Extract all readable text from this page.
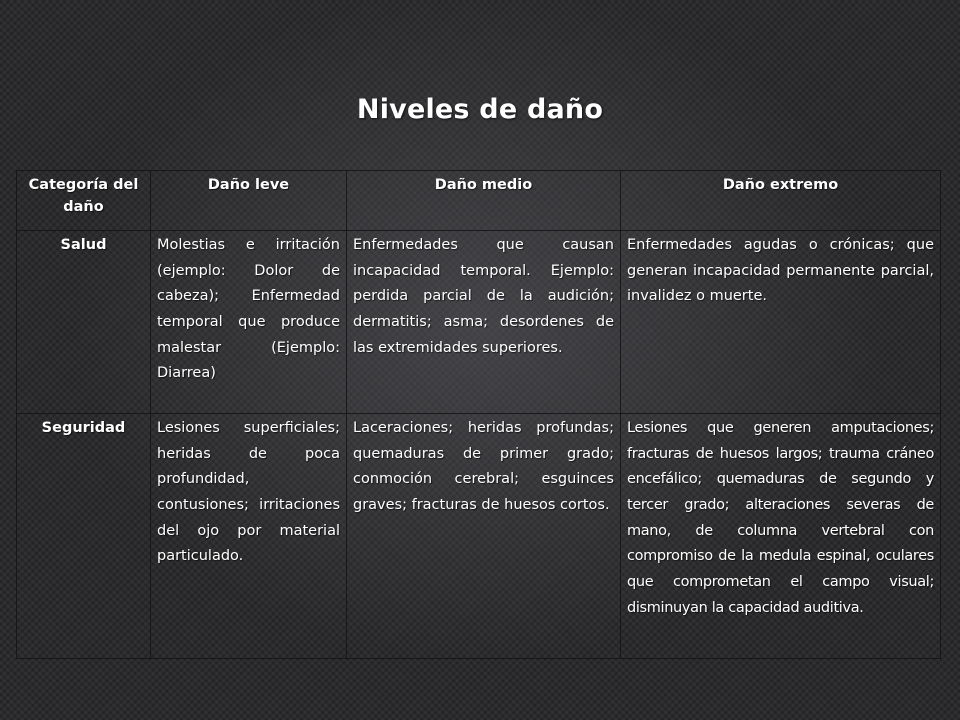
Niveles de daño
Categoría del daño	Daño leve	Daño medio	Daño extremo
Salud	Molestias e irritación (ejemplo: Dolor de cabeza); Enfermedad temporal que produce malestar (Ejemplo: Diarrea)	Enfermedades que causan incapacidad temporal. Ejemplo: perdida parcial de la audición; dermatitis; asma; desordenes de las extremidades superiores.	Enfermedades agudas o crónicas; que generan incapacidad permanente parcial, invalidez o muerte.
Seguridad	Lesiones superficiales; heridas de poca profundidad, contusiones; irritaciones del ojo por material particulado.	Laceraciones; heridas profundas; quemaduras de primer grado; conmoción cerebral; esguinces graves; fracturas de huesos cortos.	Lesiones que generen amputaciones; fracturas de huesos largos; trauma cráneo encefálico; quemaduras de segundo y tercer grado; alteraciones severas de mano, de columna vertebral con compromiso de la medula espinal, oculares que comprometan el campo visual; disminuyan la capacidad auditiva.
